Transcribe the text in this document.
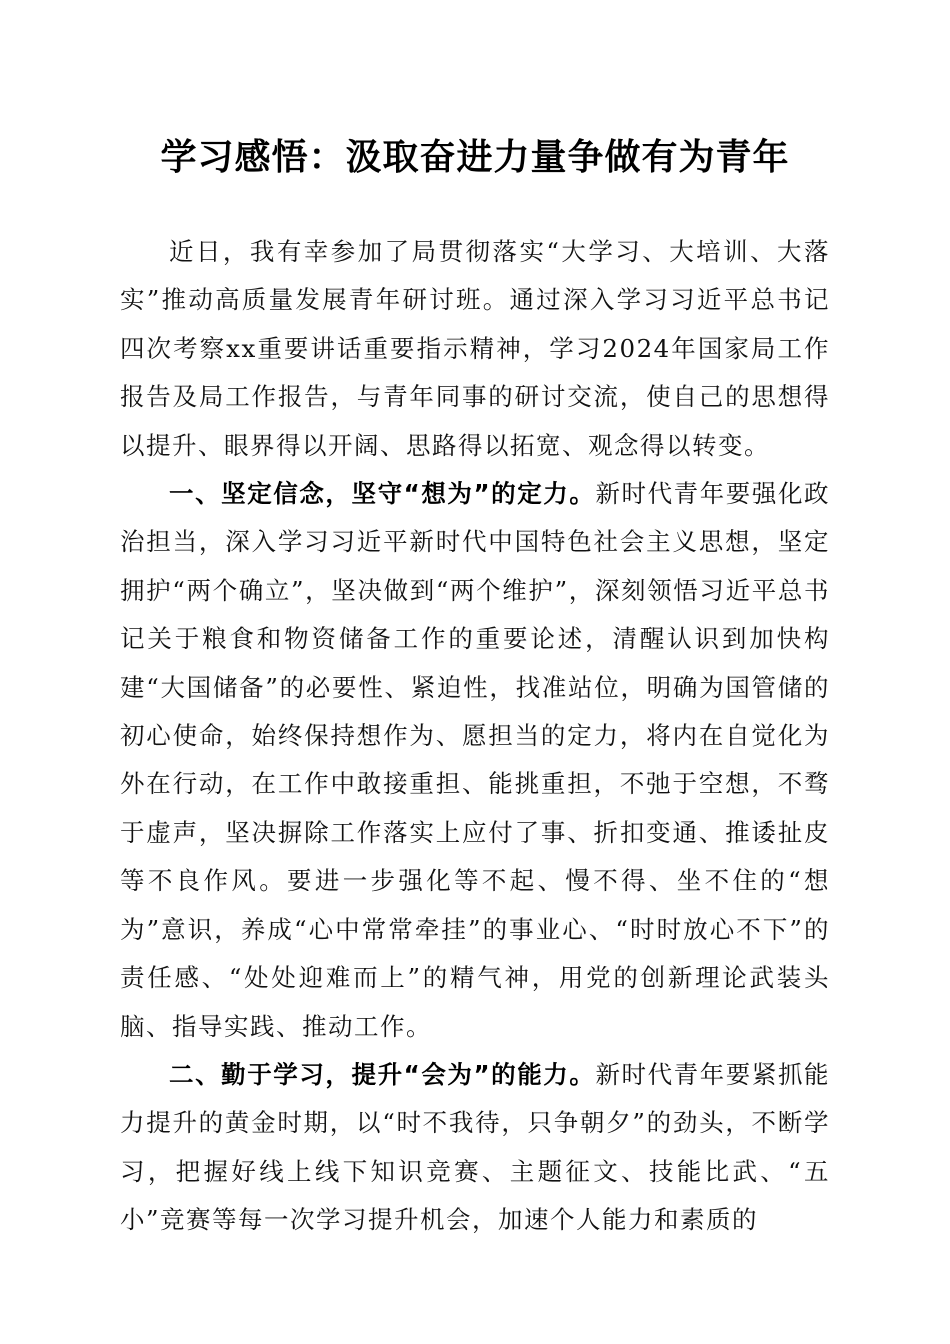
学习感悟：汲取奋进力量争做有为青年

近日，我有幸参加了局贯彻落实“大学习、大培训、大落实”推动高质量发展青年研讨班。通过深入学习习近平总书记四次考察xx重要讲话重要指示精神，学习2024年国家局工作报告及局工作报告，与青年同事的研讨交流，使自己的思想得以提升、眼界得以开阔、思路得以拓宽、观念得以转变。

一、坚定信念，坚守“想为”的定力。新时代青年要强化政治担当，深入学习习近平新时代中国特色社会主义思想，坚定拥护“两个确立”，坚决做到“两个维护”，深刻领悟习近平总书记关于粮食和物资储备工作的重要论述，清醒认识到加快构建“大国储备”的必要性、紧迫性，找准站位，明确为国管储的初心使命，始终保持想作为、愿担当的定力，将内在自觉化为外在行动，在工作中敢接重担、能挑重担，不弛于空想，不骛于虚声，坚决摒除工作落实上应付了事、折扣变通、推诿扯皮等不良作风。要进一步强化等不起、慢不得、坐不住的“想为”意识，养成“心中常常牵挂”的事业心、“时时放心不下”的责任感、“处处迎难而上”的精气神，用党的创新理论武装头脑、指导实践、推动工作。

二、勤于学习，提升“会为”的能力。新时代青年要紧抓能力提升的黄金时期，以“时不我待，只争朝夕”的劲头，不断学习，把握好线上线下知识竞赛、主题征文、技能比武、“五小”竞赛等每一次学习提升机会，加速个人能力和素质的
